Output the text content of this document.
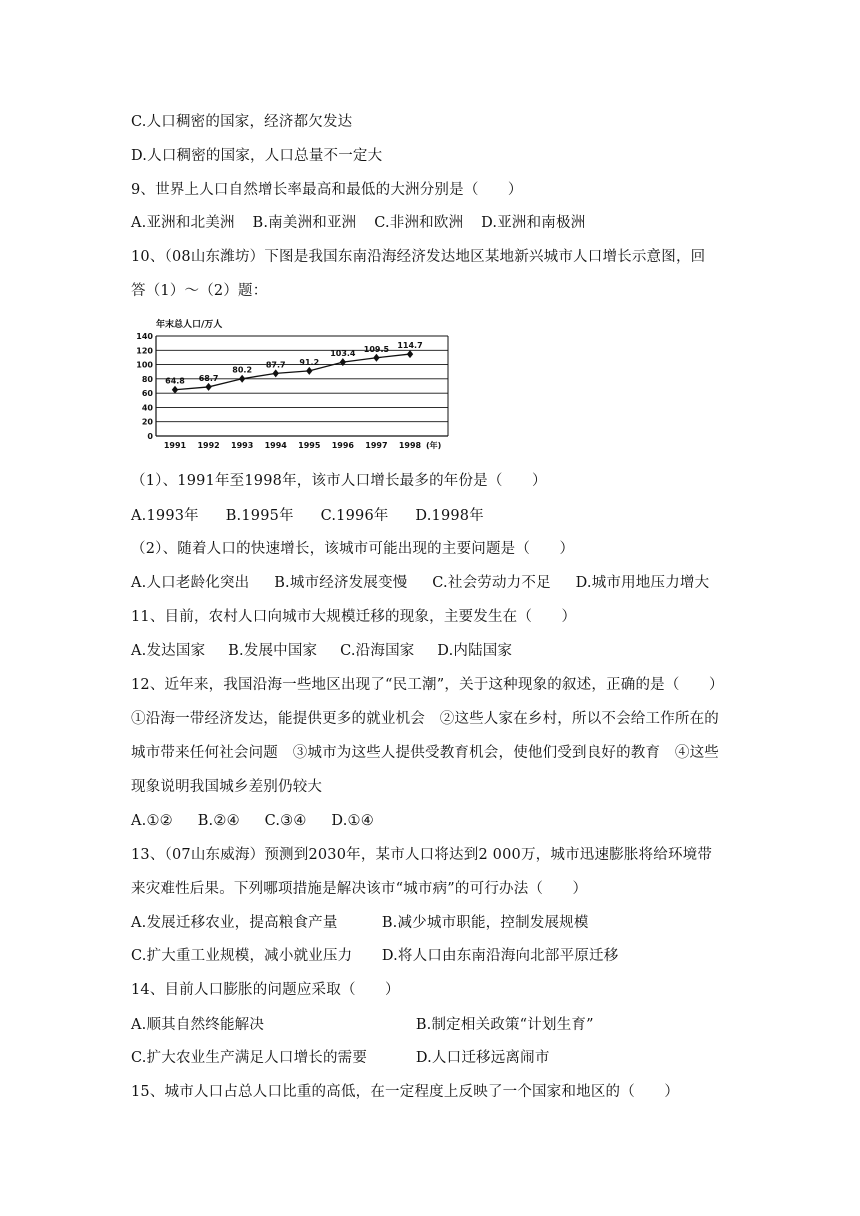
C.人口稠密的国家，经济都欠发达
D.人口稠密的国家，人口总量不一定大
9、世界上人口自然增长率最高和最低的大洲分别是（　　）
A.亚洲和北美洲 B.南美洲和亚洲 C.非洲和欧洲 D.亚洲和南极洲
10、（08山东潍坊）下图是我国东南沿海经济发达地区某地新兴城市人口增长示意图，回
答（1）～（2）题：
0
20
40
60
80
100
120
140
1991 1992 1993 1994 1995 1996 1997 1998 (年)
64.8 68.7
80.2
87.7 91.2
103.4 109.5 114.7
年末总人口/万人
（1）、1991年至1998年，该市人口增长最多的年份是（　　）
A.1993年 B.1995年 C.1996年 D.1998年
（2）、随着人口的快速增长，该城市可能出现的主要问题是（　　）
A.人口老龄化突出 B.城市经济发展变慢 C.社会劳动力不足 D.城市用地压力增大
11、目前，农村人口向城市大规模迁移的现象，主要发生在（　　）
A.发达国家 B.发展中国家 C.沿海国家 D.内陆国家
12、近年来，我国沿海一些地区出现了“民工潮”，关于这种现象的叙述，正确的是（　　）
①沿海一带经济发达，能提供更多的就业机会　②这些人家在乡村，所以不会给工作所在的
城市带来任何社会问题　③城市为这些人提供受教育机会，使他们受到良好的教育　④这些
现象说明我国城乡差别仍较大
A.①② B.②④ C.③④ D.①④
13、（07山东威海）预测到2030年，某市人口将达到2 000万，城市迅速膨胀将给环境带
来灾难性后果。下列哪项措施是解决该市“城市病”的可行办法（　　）
A.发展迁移农业，提高粮食产量	B.减少城市职能，控制发展规模
C.扩大重工业规模，减小就业压力 D.将人口由东南沿海向北部平原迁移
14、目前人口膨胀的问题应采取（　　）
A.顺其自然终能解决	B.制定相关政策“计划生育”
C.扩大农业生产满足人口增长的需要	D.人口迁移远离闹市
15、城市人口占总人口比重的高低，在一定程度上反映了一个国家和地区的（　　）
